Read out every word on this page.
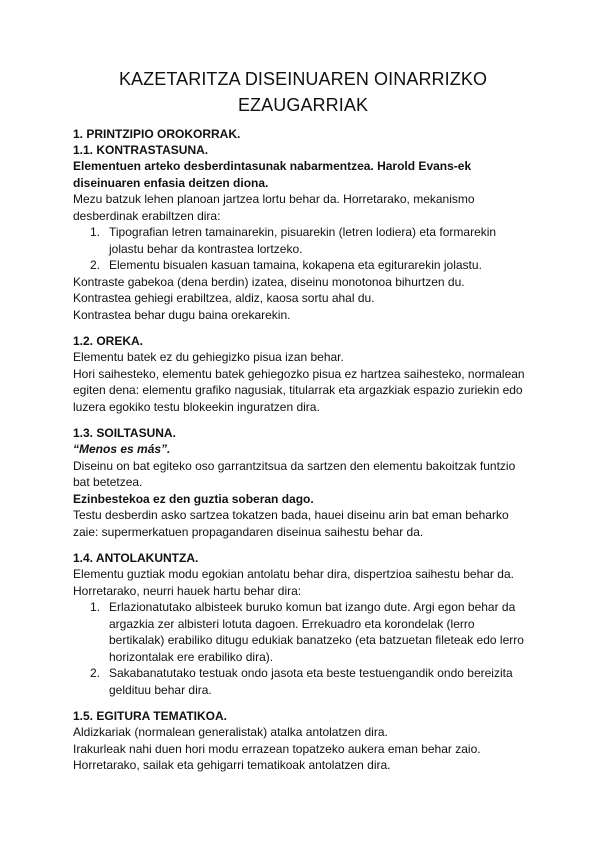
KAZETARITZA DISEINUAREN OINARRIZKO EZAUGARRIAK

1. PRINTZIPIO OROKORRAK.

1.1. KONTRASTASUNA.

Elementuen arteko desberdintasunak nabarmentzea. Harold Evans-ek diseinuaren enfasia deitzen diona.

Mezu batzuk lehen planoan jartzea lortu behar da. Horretarako, mekanismo desberdinak erabiltzen dira:

1. Tipografian letren tamainarekin, pisuarekin (letren lodiera) eta formarekin jolastu behar da kontrastea lortzeko.
2. Elementu bisualen kasuan tamaina, kokapena eta egiturarekin jolastu.

Kontraste gabekoa (dena berdin) izatea, diseinu monotonoa bihurtzen du.

Kontrastea gehiegi erabiltzea, aldiz, kaosa sortu ahal du.

Kontrastea behar dugu baina orekarekin.

1.2. OREKA.

Elementu batek ez du gehiegizko pisua izan behar.

Hori saihesteko, elementu batek gehiegozko pisua ez hartzea saihesteko, normalean egiten dena: elementu grafiko nagusiak, titularrak eta argazkiak espazio zuriekin edo luzera egokiko testu blokeekin inguratzen dira.

1.3. SOILTASUNA.

“Menos es más”.

Diseinu on bat egiteko oso garrantzitsua da sartzen den elementu bakoitzak funtzio bat betetzea.

Ezinbestekoa ez den guztia soberan dago.

Testu desberdin asko sartzea tokatzen bada, hauei diseinu arin bat eman beharko zaie: supermerkatuen propagandaren diseinua saihestu behar da.

1.4. ANTOLAKUNTZA.

Elementu guztiak modu egokian antolatu behar dira, dispertzioa saihestu behar da. Horretarako, neurri hauek hartu behar dira:

1. Erlazionatutako albisteek buruko komun bat izango dute. Argi egon behar da argazkia zer albisteri lotuta dagoen. Errekuadro eta korondelak (lerro bertikalak) erabiliko ditugu edukiak banatzeko (eta batzuetan fileteak edo lerro horizontalak ere erabiliko dira).
2. Sakabanatutako testuak ondo jasota eta beste testuengandik ondo bereizita geldituu behar dira.

1.5. EGITURA TEMATIKOA.

Aldizkariak (normalean generalistak) atalka antolatzen dira.

Irakurleak nahi duen hori modu errazean topatzeko aukera eman behar zaio.

Horretarako, sailak eta gehigarri tematikoak antolatzen dira.
